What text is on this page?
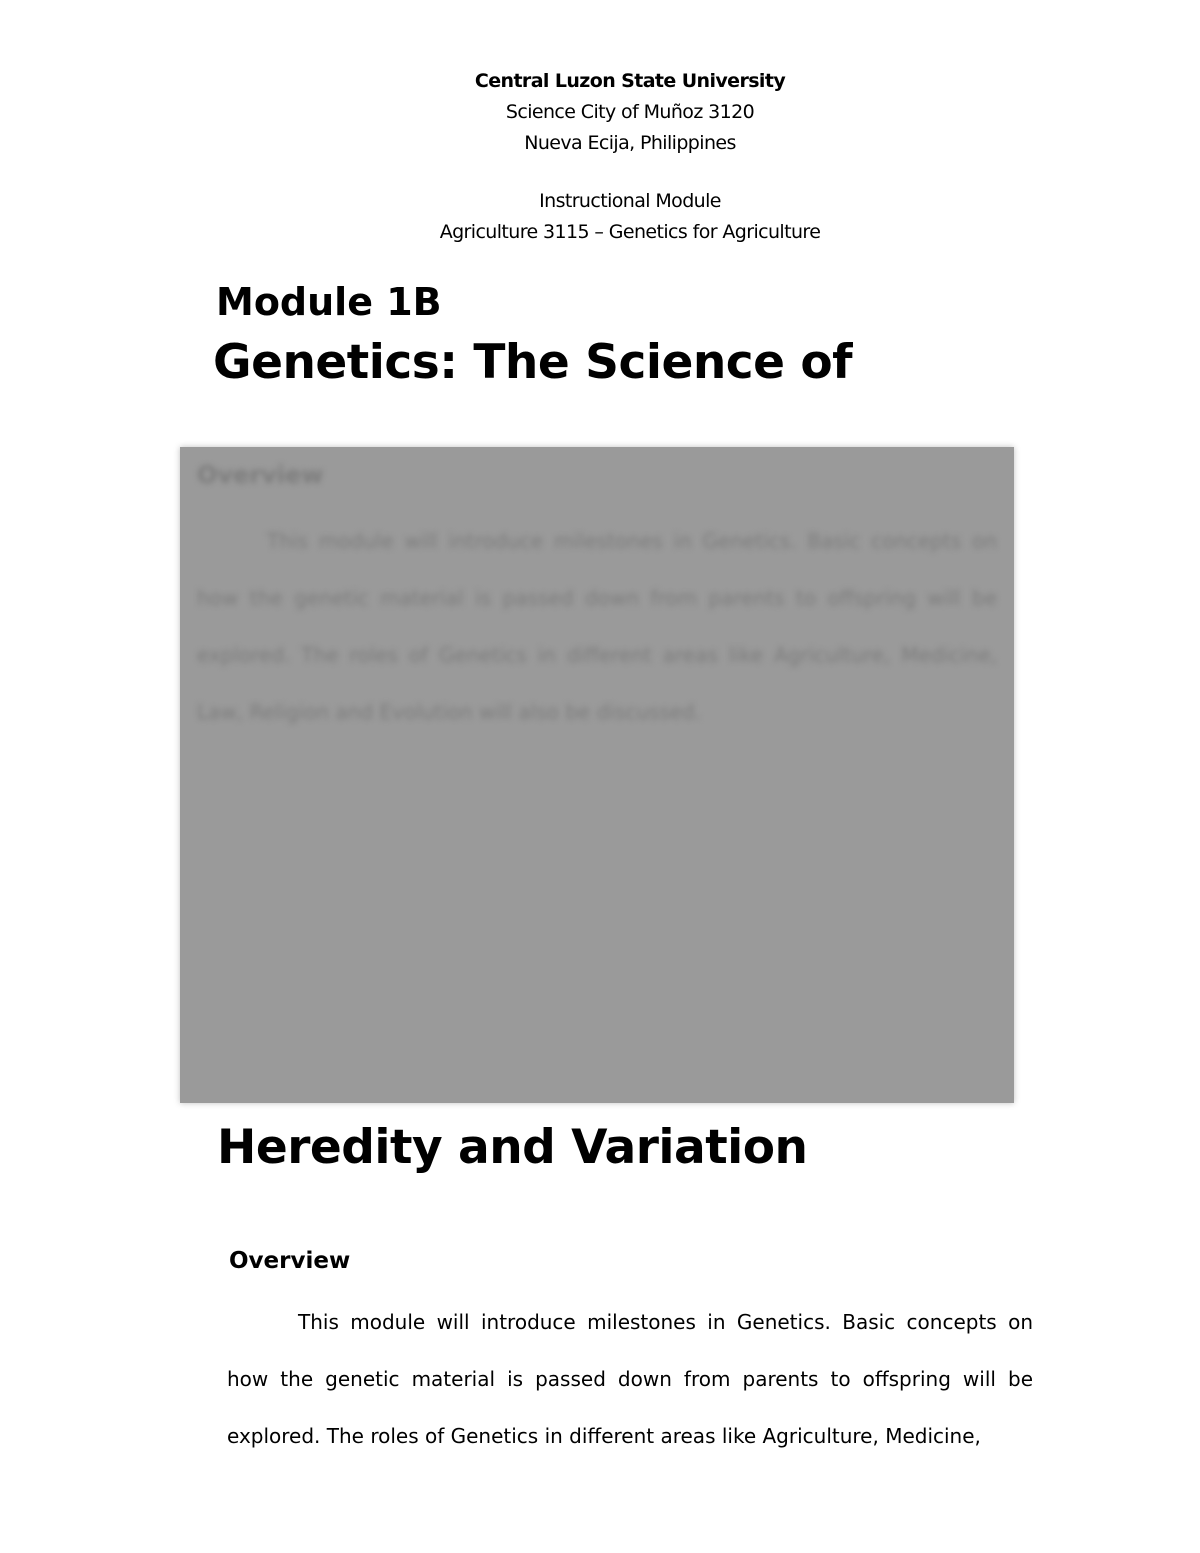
Central Luzon State University
Science City of Muñoz 3120
Nueva Ecija, Philippines
Instructional Module
Agriculture 3115 – Genetics for Agriculture
Module 1B
Genetics: The Science of
Overview
This module will introduce milestones in Genetics. Basic concepts on how the genetic material is passed down from parents to offspring will be explored. The roles of Genetics in different areas like Agriculture, Medicine, Law, Religion and Evolution will also be discussed.
Heredity and Variation
Overview
This module will introduce milestones in Genetics. Basic concepts on how the genetic material is passed down from parents to offspring will be explored. The roles of Genetics in different areas like Agriculture, Medicine,
